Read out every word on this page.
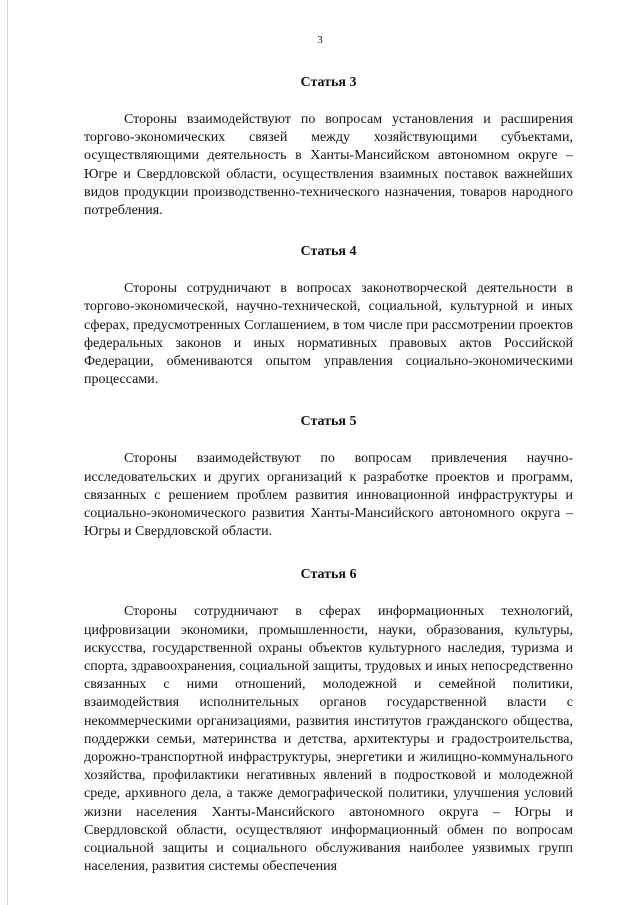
3
Статья 3

Стороны взаимодействуют по вопросам установления и расширения торгово-экономических связей между хозяйствующими субъектами, осуществляющими деятельность в Ханты-Мансийском автономном округе – Югре и Свердловской области, осуществления взаимных поставок важнейших видов продукции производственно-технического назначения, товаров народного потребления.

Статья 4

Стороны сотрудничают в вопросах законотворческой деятельности в торгово-экономической, научно-технической, социальной, культурной и иных сферах, предусмотренных Соглашением, в том числе при рассмотрении проектов федеральных законов и иных нормативных правовых актов Российской Федерации, обмениваются опытом управления социально-экономическими процессами.

Статья 5

Стороны взаимодействуют по вопросам привлечения научно-исследовательских и других организаций к разработке проектов и программ, связанных с решением проблем развития инновационной инфраструктуры и социально-экономического развития Ханты-Мансийского автономного округа – Югры и Свердловской области.

Статья 6

Стороны сотрудничают в сферах информационных технологий, цифровизации экономики, промышленности, науки, образования, культуры, искусства, государственной охраны объектов культурного наследия, туризма и спорта, здравоохранения, социальной защиты, трудовых и иных непосредственно связанных с ними отношений, молодежной и семейной политики, взаимодействия исполнительных органов государственной власти с некоммерческими организациями, развития институтов гражданского общества, поддержки семьи, материнства и детства, архитектуры и градостроительства, дорожно-транспортной инфраструктуры, энергетики и жилищно-коммунального хозяйства, профилактики негативных явлений в подростковой и молодежной среде, архивного дела, а также демографической политики, улучшения условий жизни населения Ханты-Мансийского автономного округа – Югры и Свердловской области, осуществляют информационный обмен по вопросам социальной защиты и социального обслуживания наиболее уязвимых групп населения, развития системы обеспечения
